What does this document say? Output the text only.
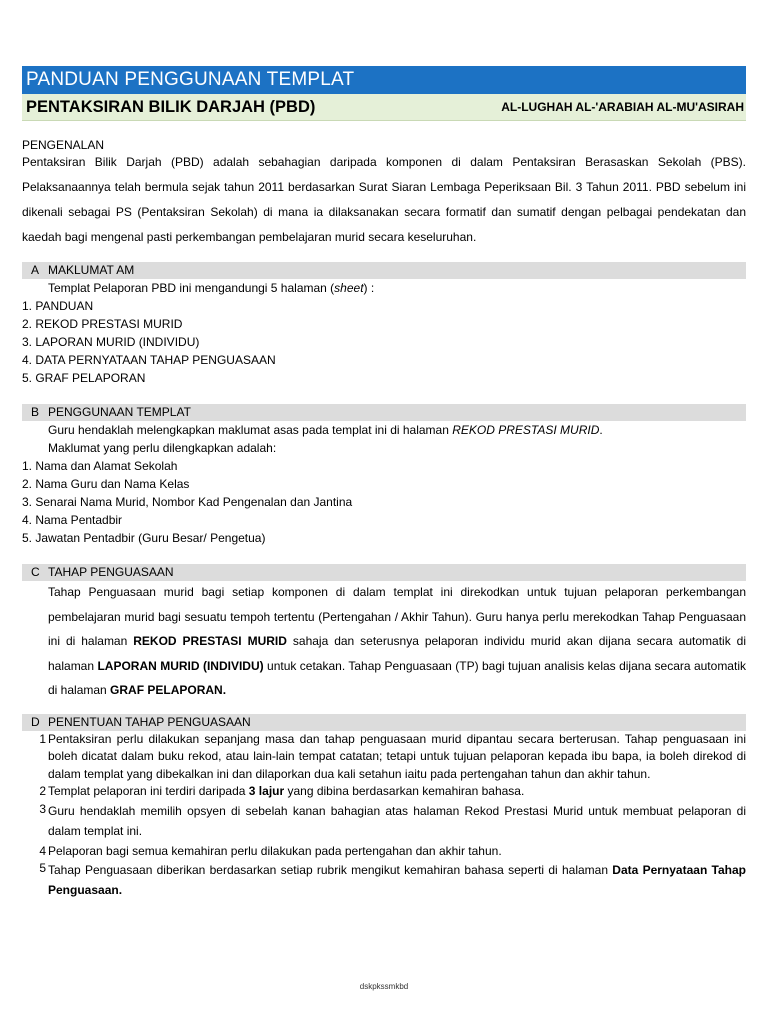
PANDUAN PENGGUNAAN TEMPLAT
PENTAKSIRAN BILIK DARJAH (PBD)	AL-LUGHAH AL-'ARABIAH AL-MU'ASIRAH
PENGENALAN
Pentaksiran Bilik Darjah (PBD) adalah sebahagian daripada komponen di dalam Pentaksiran Berasaskan Sekolah (PBS). Pelaksanaannya telah bermula sejak tahun 2011 berdasarkan Surat Siaran Lembaga Peperiksaan Bil. 3 Tahun 2011. PBD sebelum ini dikenali sebagai PS (Pentaksiran Sekolah) di mana ia dilaksanakan secara formatif dan sumatif dengan pelbagai pendekatan dan kaedah bagi mengenal pasti perkembangan pembelajaran murid secara keseluruhan.
A MAKLUMAT AM
Templat Pelaporan PBD ini mengandungi 5 halaman (sheet) :
1. PANDUAN
2. REKOD PRESTASI MURID
3. LAPORAN MURID (INDIVIDU)
4. DATA PERNYATAAN TAHAP PENGUASAAN
5. GRAF PELAPORAN
B PENGGUNAAN TEMPLAT
Guru hendaklah melengkapkan maklumat asas pada templat ini di halaman REKOD PRESTASI MURID.
Maklumat yang perlu dilengkapkan adalah:
1. Nama dan Alamat Sekolah
2. Nama Guru dan Nama Kelas
3. Senarai Nama Murid, Nombor Kad Pengenalan dan Jantina
4. Nama Pentadbir
5. Jawatan Pentadbir (Guru Besar/ Pengetua)
C TAHAP PENGUASAAN
Tahap Penguasaan murid bagi setiap komponen di dalam templat ini direkodkan untuk tujuan pelaporan perkembangan pembelajaran murid bagi sesuatu tempoh tertentu (Pertengahan / Akhir Tahun). Guru hanya perlu merekodkan Tahap Penguasaan ini di halaman REKOD PRESTASI MURID sahaja dan seterusnya pelaporan individu murid akan dijana secara automatik di halaman LAPORAN MURID (INDIVIDU) untuk cetakan. Tahap Penguasaan (TP) bagi tujuan analisis kelas dijana secara automatik di halaman GRAF PELAPORAN.
D PENENTUAN TAHAP PENGUASAAN
1 Pentaksiran perlu dilakukan sepanjang masa dan tahap penguasaan murid dipantau secara berterusan. Tahap penguasaan ini boleh dicatat dalam buku rekod, atau lain-lain tempat catatan; tetapi untuk tujuan pelaporan kepada ibu bapa, ia boleh direkod di dalam templat yang dibekalkan ini dan dilaporkan dua kali setahun iaitu pada pertengahan tahun dan akhir tahun.
2 Templat pelaporan ini terdiri daripada 3 lajur yang dibina berdasarkan kemahiran bahasa.
3 Guru hendaklah memilih opsyen di sebelah kanan bahagian atas halaman Rekod Prestasi Murid untuk membuat pelaporan di dalam templat ini.
4 Pelaporan bagi semua kemahiran perlu dilakukan pada pertengahan dan akhir tahun.
5 Tahap Penguasaan diberikan berdasarkan setiap rubrik mengikut kemahiran bahasa seperti di halaman Data Pernyataan Tahap Penguasaan.
dskpkssmkbd
